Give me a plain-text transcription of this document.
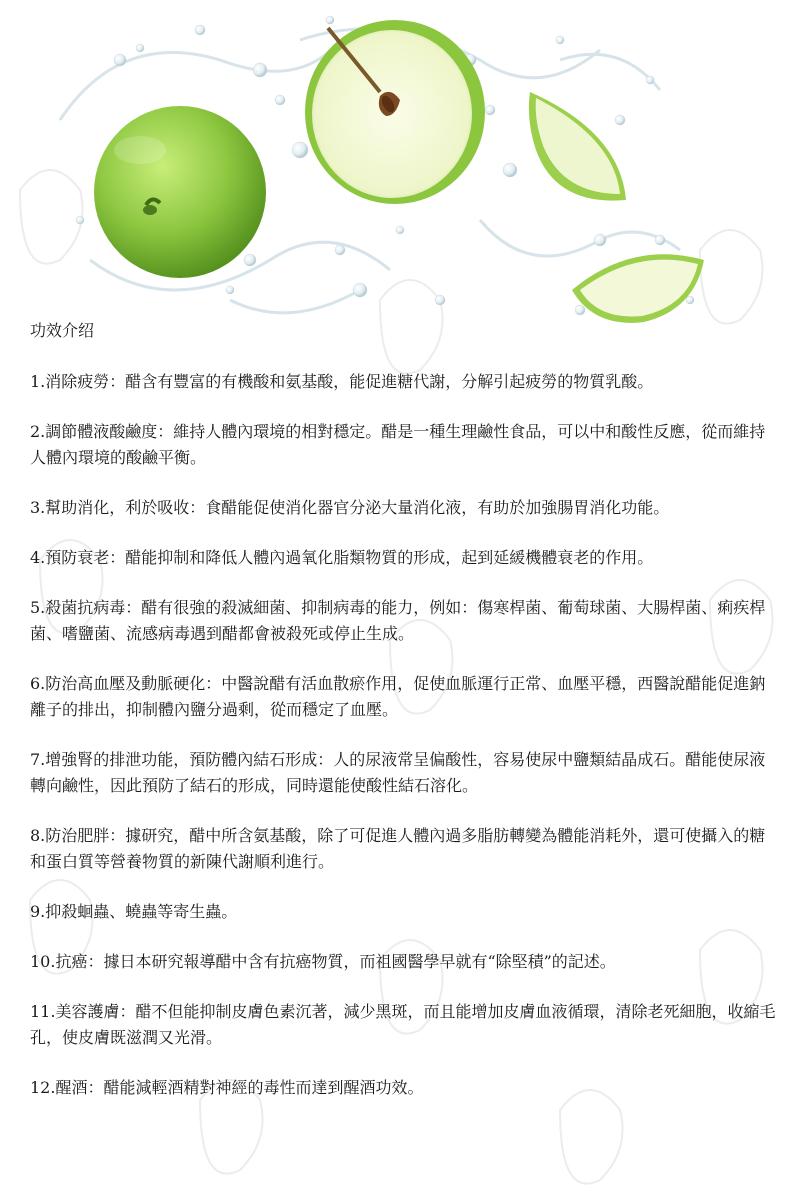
功效介绍

1.消除疲勞：醋含有豐富的有機酸和氨基酸，能促進糖代謝，分解引起疲勞的物質乳酸。

2.調節體液酸鹼度：維持人體內環境的相對穩定。醋是一種生理鹼性食品，可以中和酸性反應，從而維持人體內環境的酸鹼平衡。

3.幫助消化，利於吸收：食醋能促使消化器官分泌大量消化液，有助於加強腸胃消化功能。

4.預防衰老：醋能抑制和降低人體內過氧化脂類物質的形成，起到延緩機體衰老的作用。

5.殺菌抗病毒：醋有很強的殺滅細菌、抑制病毒的能力，例如：傷寒桿菌、葡萄球菌、大腸桿菌、痢疾桿菌、嗜鹽菌、流感病毒遇到醋都會被殺死或停止生成。

6.防治高血壓及動脈硬化：中醫說醋有活血散瘀作用，促使血脈運行正常、血壓平穩，西醫說醋能促進鈉離子的排出，抑制體內鹽分過剩，從而穩定了血壓。

7.增強腎的排泄功能，預防體內結石形成：人的尿液常呈偏酸性，容易使尿中鹽類結晶成石。醋能使尿液轉向鹼性，因此預防了結石的形成，同時還能使酸性結石溶化。

8.防治肥胖：據研究，醋中所含氨基酸，除了可促進人體內過多脂肪轉變為體能消耗外，還可使攝入的糖和蛋白質等營養物質的新陳代謝順利進行。

9.抑殺蛔蟲、蟯蟲等寄生蟲。

10.抗癌：據日本研究報導醋中含有抗癌物質，而祖國醫學早就有“除堅積”的記述。

11.美容護膚：醋不但能抑制皮膚色素沉著，減少黑斑，而且能增加皮膚血液循環，清除老死細胞，收縮毛孔，使皮膚既滋潤又光滑。

12.醒酒：醋能減輕酒精對神經的毒性而達到醒酒功效。
